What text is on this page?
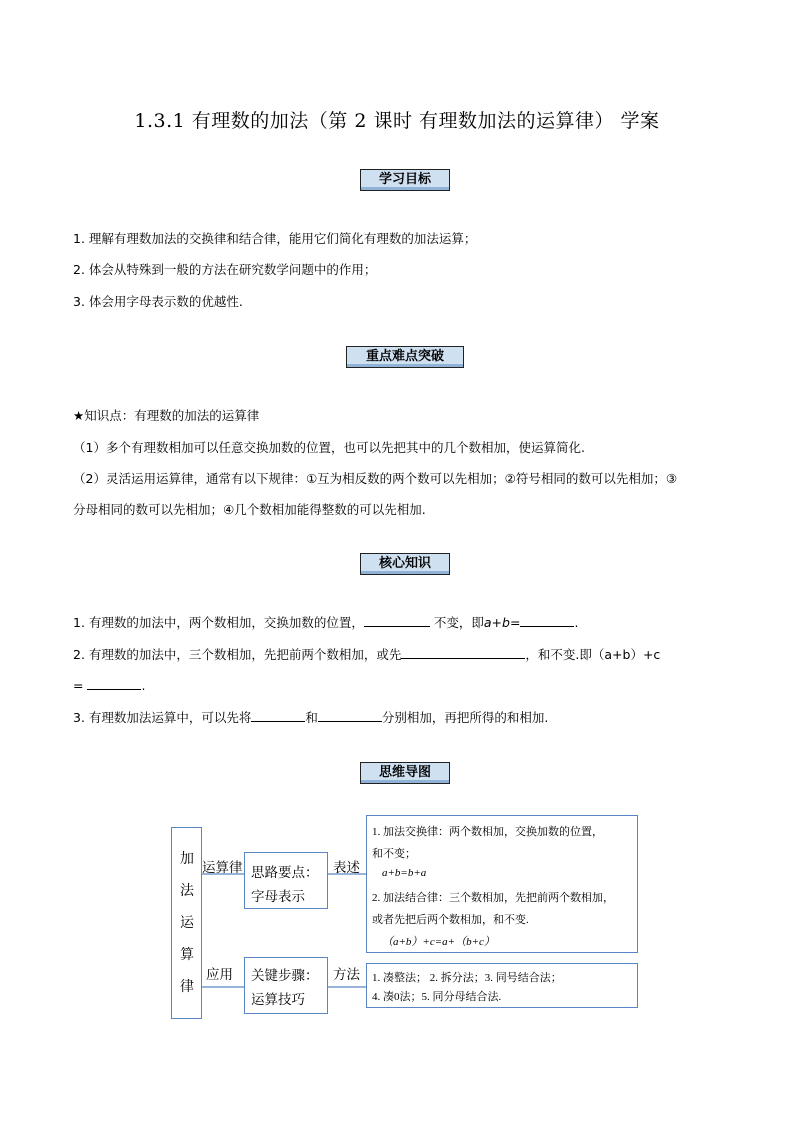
1.3.1 有理数的加法（第 2 课时 有理数加法的运算律） 学案
学习目标
1. 理解有理数加法的交换律和结合律，能用它们简化有理数的加法运算；
2. 体会从特殊到一般的方法在研究数学问题中的作用；
3. 体会用字母表示数的优越性.
重点难点突破
★知识点：有理数的加法的运算律
（1）多个有理数相加可以任意交换加数的位置，也可以先把其中的几个数相加，使运算简化.
（2）灵活运用运算律，通常有以下规律：①互为相反数的两个数可以先相加；②符号相同的数可以先相加；③
分母相同的数可以先相加；④几个数相加能得整数的可以先相加.
核心知识
1. 有理数的加法中，两个数相加，交换加数的位置，	不变，即a+b=	.
2. 有理数的加法中，三个数相加，先把前两个数相加，或先	，和不变.即（a+b）+c
=	.
3. 有理数加法运算中，可以先将	和	分别相加，再把所得的和相加.
思维导图
加
法
运
算
律
运算律
应用
思路要点：
字母表示
关键步骤：
运算技巧
表述
方法
1. 加法交换律：两个数相加，交换加数的位置，
和不变；
a+b=b+a
2. 加法结合律：三个数相加，先把前两个数相加，
或者先把后两个数相加，和不变.
（a+b）+c=a+（b+c）
1. 凑整法； 2. 拆分法；3. 同号结合法；
4. 凑0法；5. 同分母结合法.
